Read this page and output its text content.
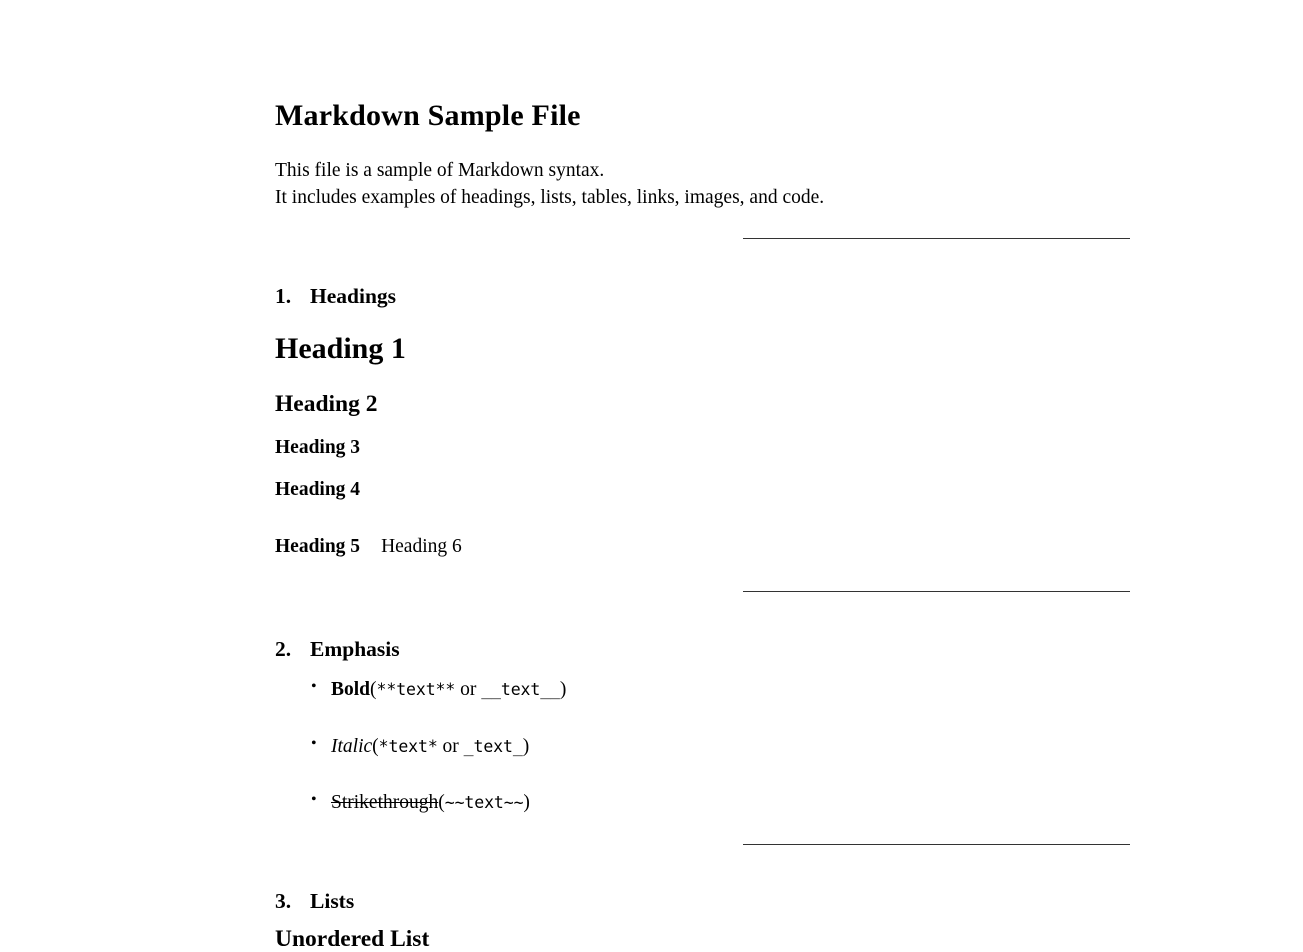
Markdown Sample File

This file is a sample of Markdown syntax.
It includes examples of headings, lists, tables, links, images, and code.

1. Headings
Heading 1
Heading 2
Heading 3
Heading 4
Heading 5 Heading 6
2. Emphasis
• Bold(**text** or __text__)
• Italic(*text* or _text_)
• Strikethrough(~~text~~)
3. Lists
Unordered List
